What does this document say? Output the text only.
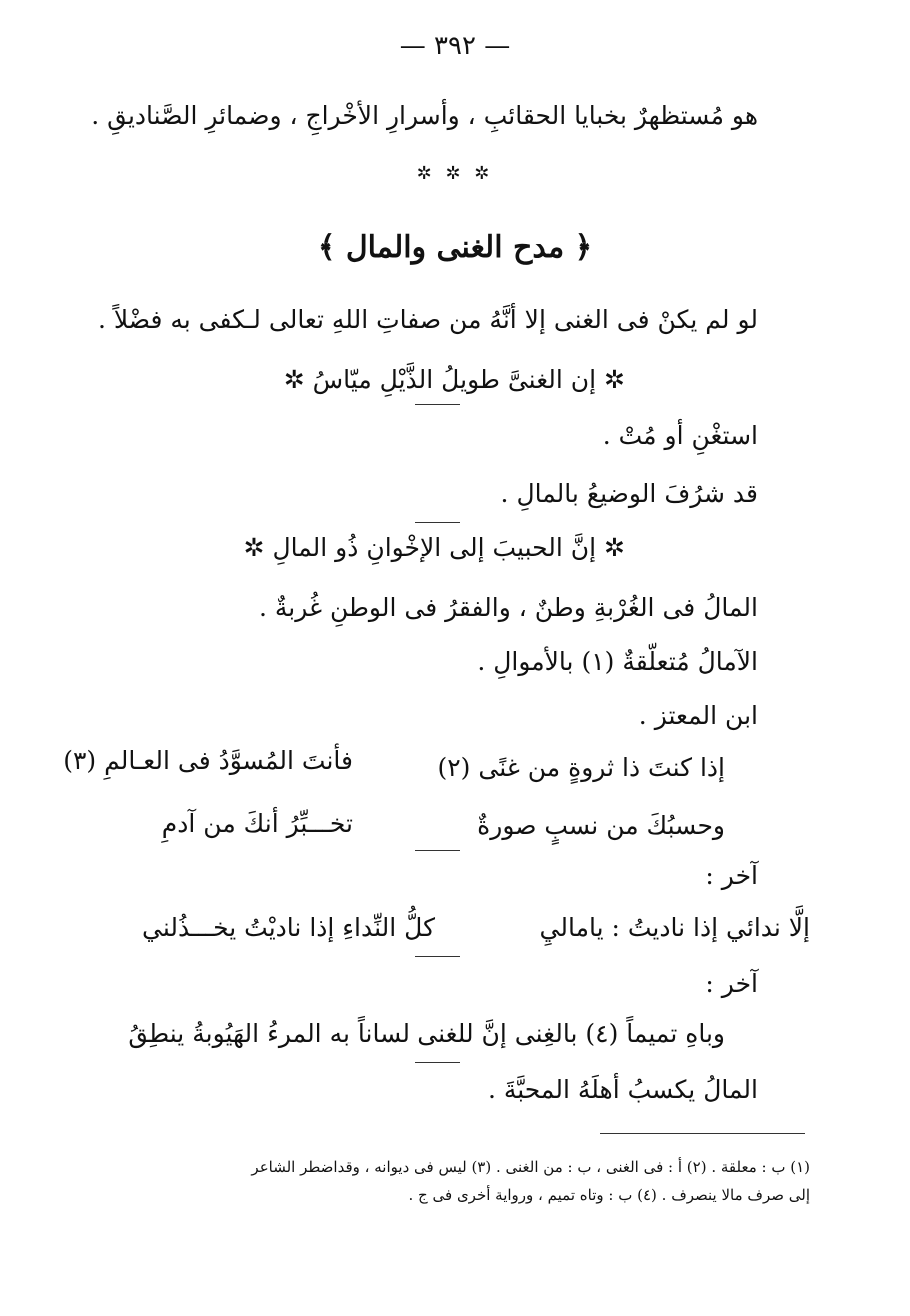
— ٣٩٢ —
هو مُستظهرٌ بخبايا الحقائبِ ، وأسرارِ الأخْراجِ ، وضمائرِ الصَّناديقِ .
✲ ✲ ✲
﴿ مدح الغنى والمال ﴾
لو لم يكنْ فى الغنى إلا أنَّهُ من صفاتِ اللهِ تعالى لـكفى به فضْلاً .
✲ إن الغنىَّ طويلُ الذَّيْلِ ميّاسُ ✲
استغْنِ أو مُتْ .
قد شرُفَ الوضيعُ بالمالِ .
✲ إنَّ الحبيبَ إلى الإخْوانِ ذُو المالِ ✲
المالُ فى الغُرْبةِ وطنٌ ، والفقرُ فى الوطنِ غُربةٌ .
الآمالُ مُتعلّقةٌ (١) بالأموالِ .
ابن المعتز .
إذا كنتَ ذا ثروةٍ من غنًى (٢)
فأنتَ المُسوَّدُ فى العـالمِ (٣)
وحسبُكَ من نسبٍ صورةٌ
تخـــبِّرُ أنكَ من آدمِ
آخر :
كلُّ النِّداءِ إذا ناديْتُ يخـــذُلني	إلَّا ندائي إذا ناديتُ : ياماليِ
آخر :
وباهِ تميماً (٤) بالغِنى إنَّ للغنى
لساناً به المرءُ الهَيُوبةُ ينطِقُ
المالُ يكسبُ أهلَهُ المحبَّةَ .
(١) ب : معلقة . (٢) أ : فى الغنى ، ب : من الغنى . (٣) ليس فى ديوانه ، وقداضطر الشاعر
إلى صرف مالا ينصرف . (٤) ب : وتاه تميم ، ورواية أخرى فى ج .
